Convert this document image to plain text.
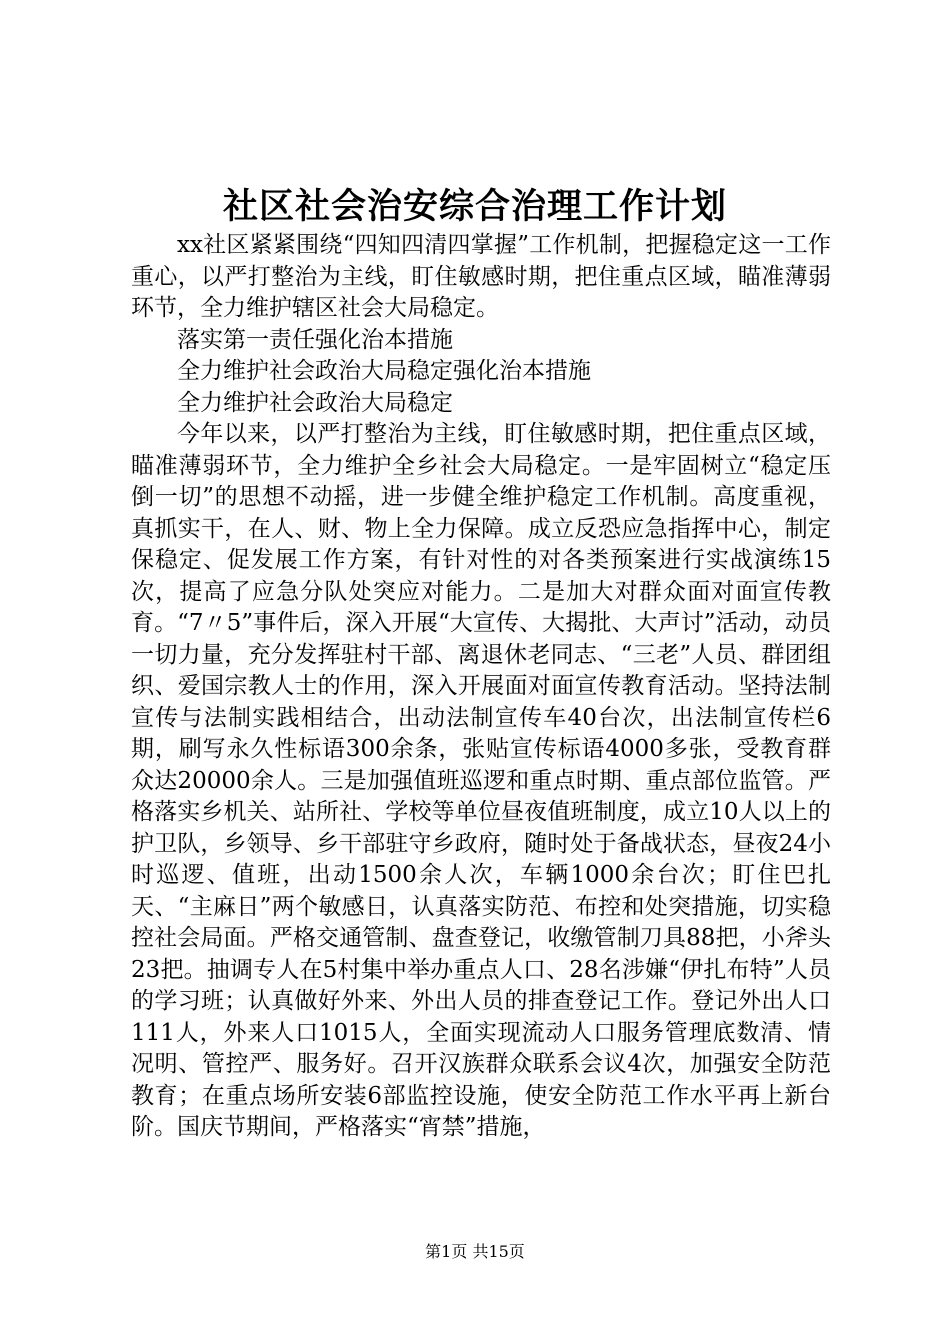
社区社会治安综合治理工作计划

xx社区紧紧围绕“四知四清四掌握”工作机制，把握稳定这一工作重心，以严打整治为主线，盯住敏感时期，把住重点区域，瞄准薄弱环节，全力维护辖区社会大局稳定。

落实第一责任强化治本措施

全力维护社会政治大局稳定强化治本措施

全力维护社会政治大局稳定

今年以来，以严打整治为主线，盯住敏感时期，把住重点区域，瞄准薄弱环节，全力维护全乡社会大局稳定。一是牢固树立“稳定压倒一切”的思想不动摇，进一步健全维护稳定工作机制。高度重视，真抓实干，在人、财、物上全力保障。成立反恐应急指挥中心，制定保稳定、促发展工作方案，有针对性的对各类预案进行实战演练15次，提高了应急分队处突应对能力。二是加大对群众面对面宣传教育。“7〃5”事件后，深入开展“大宣传、大揭批、大声讨”活动，动员一切力量，充分发挥驻村干部、离退休老同志、“三老”人员、群团组织、爱国宗教人士的作用，深入开展面对面宣传教育活动。坚持法制宣传与法制实践相结合，出动法制宣传车40台次，出法制宣传栏6期，刷写永久性标语300余条，张贴宣传标语4000多张，受教育群众达20000余人。三是加强值班巡逻和重点时期、重点部位监管。严格落实乡机关、站所社、学校等单位昼夜值班制度，成立10人以上的护卫队，乡领导、乡干部驻守乡政府，随时处于备战状态，昼夜24小时巡逻、值班，出动1500余人次，车辆1000余台次；盯住巴扎天、“主麻日”两个敏感日，认真落实防范、布控和处突措施，切实稳控社会局面。严格交通管制、盘查登记，收缴管制刀具88把，小斧头23把。抽调专人在5村集中举办重点人口、28名涉嫌“伊扎布特”人员的学习班；认真做好外来、外出人员的排查登记工作。登记外出人口111人，外来人口1015人，全面实现流动人口服务管理底数清、情况明、管控严、服务好。召开汉族群众联系会议4次，加强安全防范教育；在重点场所安装6部监控设施，使安全防范工作水平再上新台阶。国庆节期间，严格落实“宵禁”措施，

第1页 共15页
